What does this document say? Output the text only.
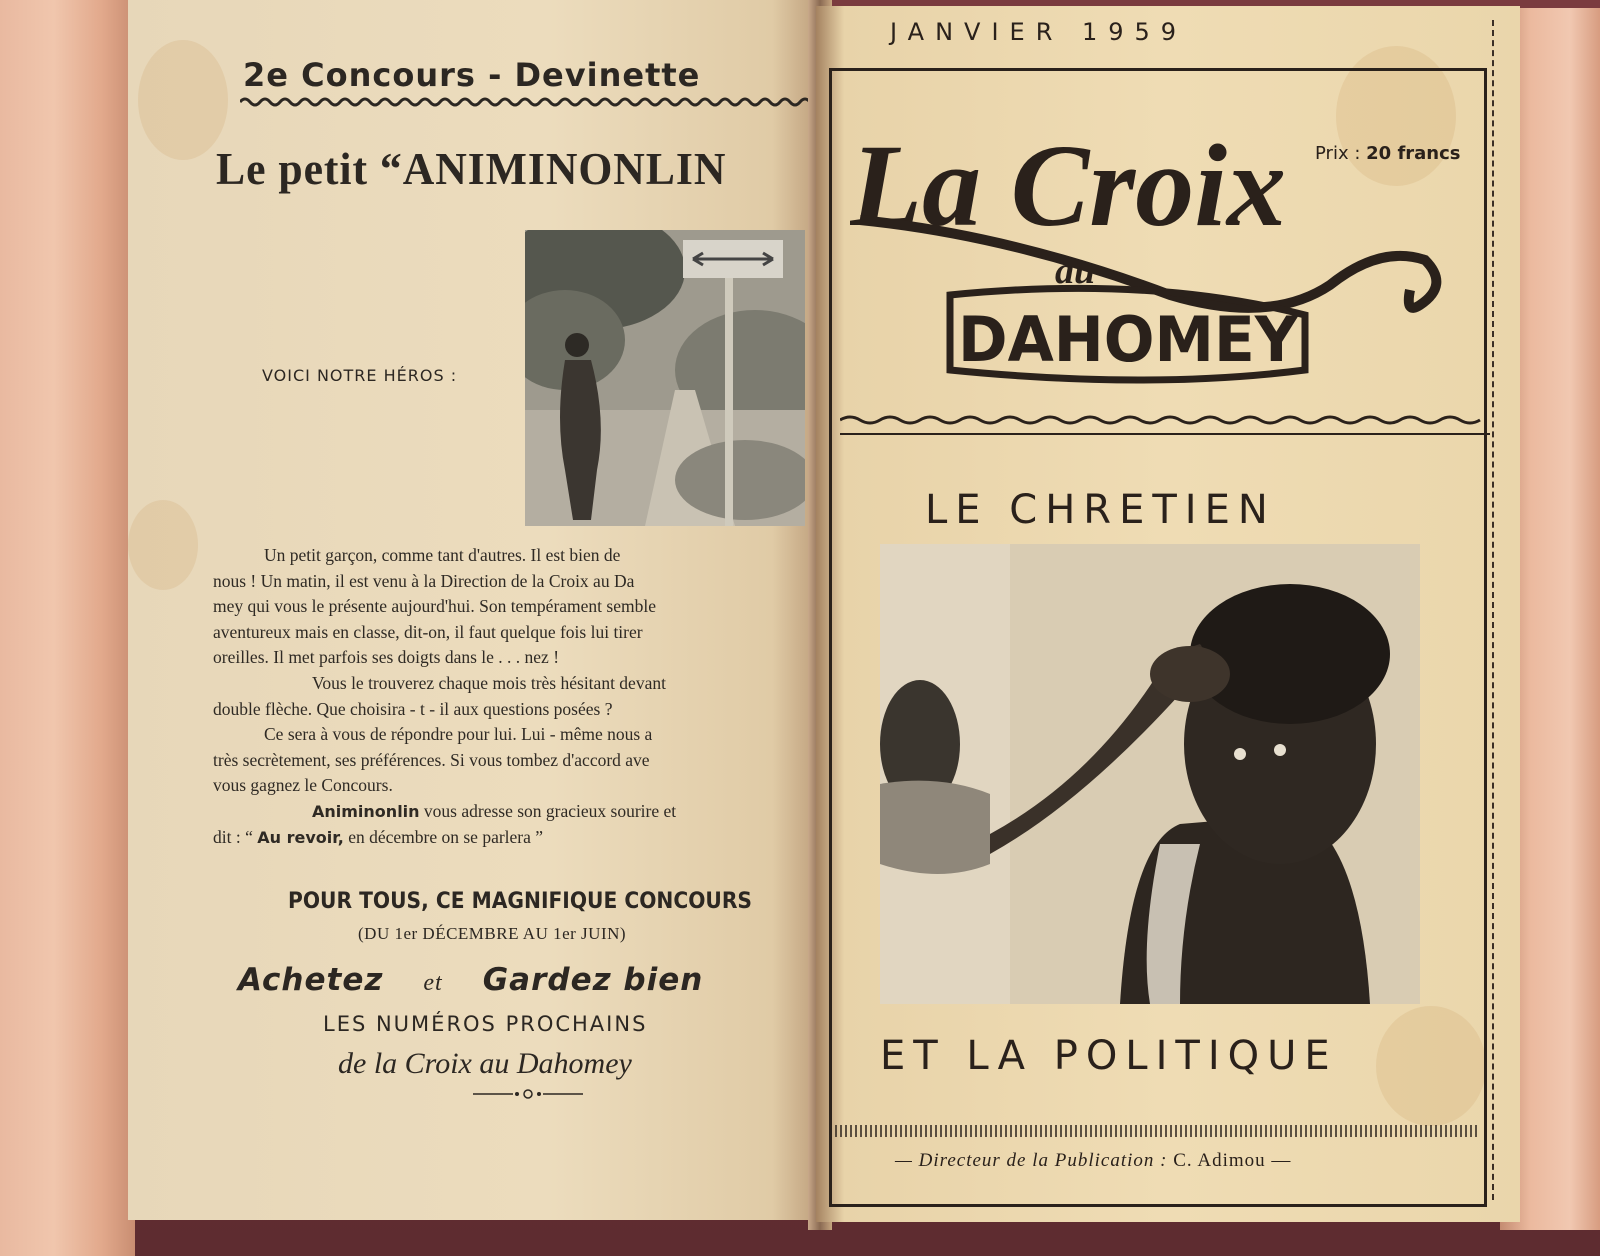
2e Concours - Devinette
Le petit “ANIMINONLIN
VOICI NOTRE HÉROS :
Un petit garçon, comme tant d'autres. Il est bien de
nous ! Un matin, il est venu à la Direction de la Croix au Da
mey qui vous le présente aujourd'hui. Son tempérament semble
aventureux mais en classe, dit-on, il faut quelque fois lui tirer
oreilles. Il met parfois ses doigts dans le . . . nez !
Vous le trouverez chaque mois très hésitant devant
double flèche. Que choisira - t - il aux questions posées ?
Ce sera à vous de répondre pour lui. Lui - même nous a
très secrètement, ses préférences. Si vous tombez d'accord ave
vous gagnez le Concours.
Animinonlin vous adresse son gracieux sourire et
dit : “ Au revoir, en décembre on se parlera ”
POUR TOUS, CE MAGNIFIQUE CONCOURS
(DU 1er DÉCEMBRE AU 1er JUIN)
Achetez et Gardez bien
LES NUMÉROS PROCHAINS
de la Croix au Dahomey
JANVIER 1959
La Croix
au
DAHOMEY
Prix : 20 francs
LE CHRETIEN
ET LA POLITIQUE
— Directeur de la Publication : C. Adimou —
